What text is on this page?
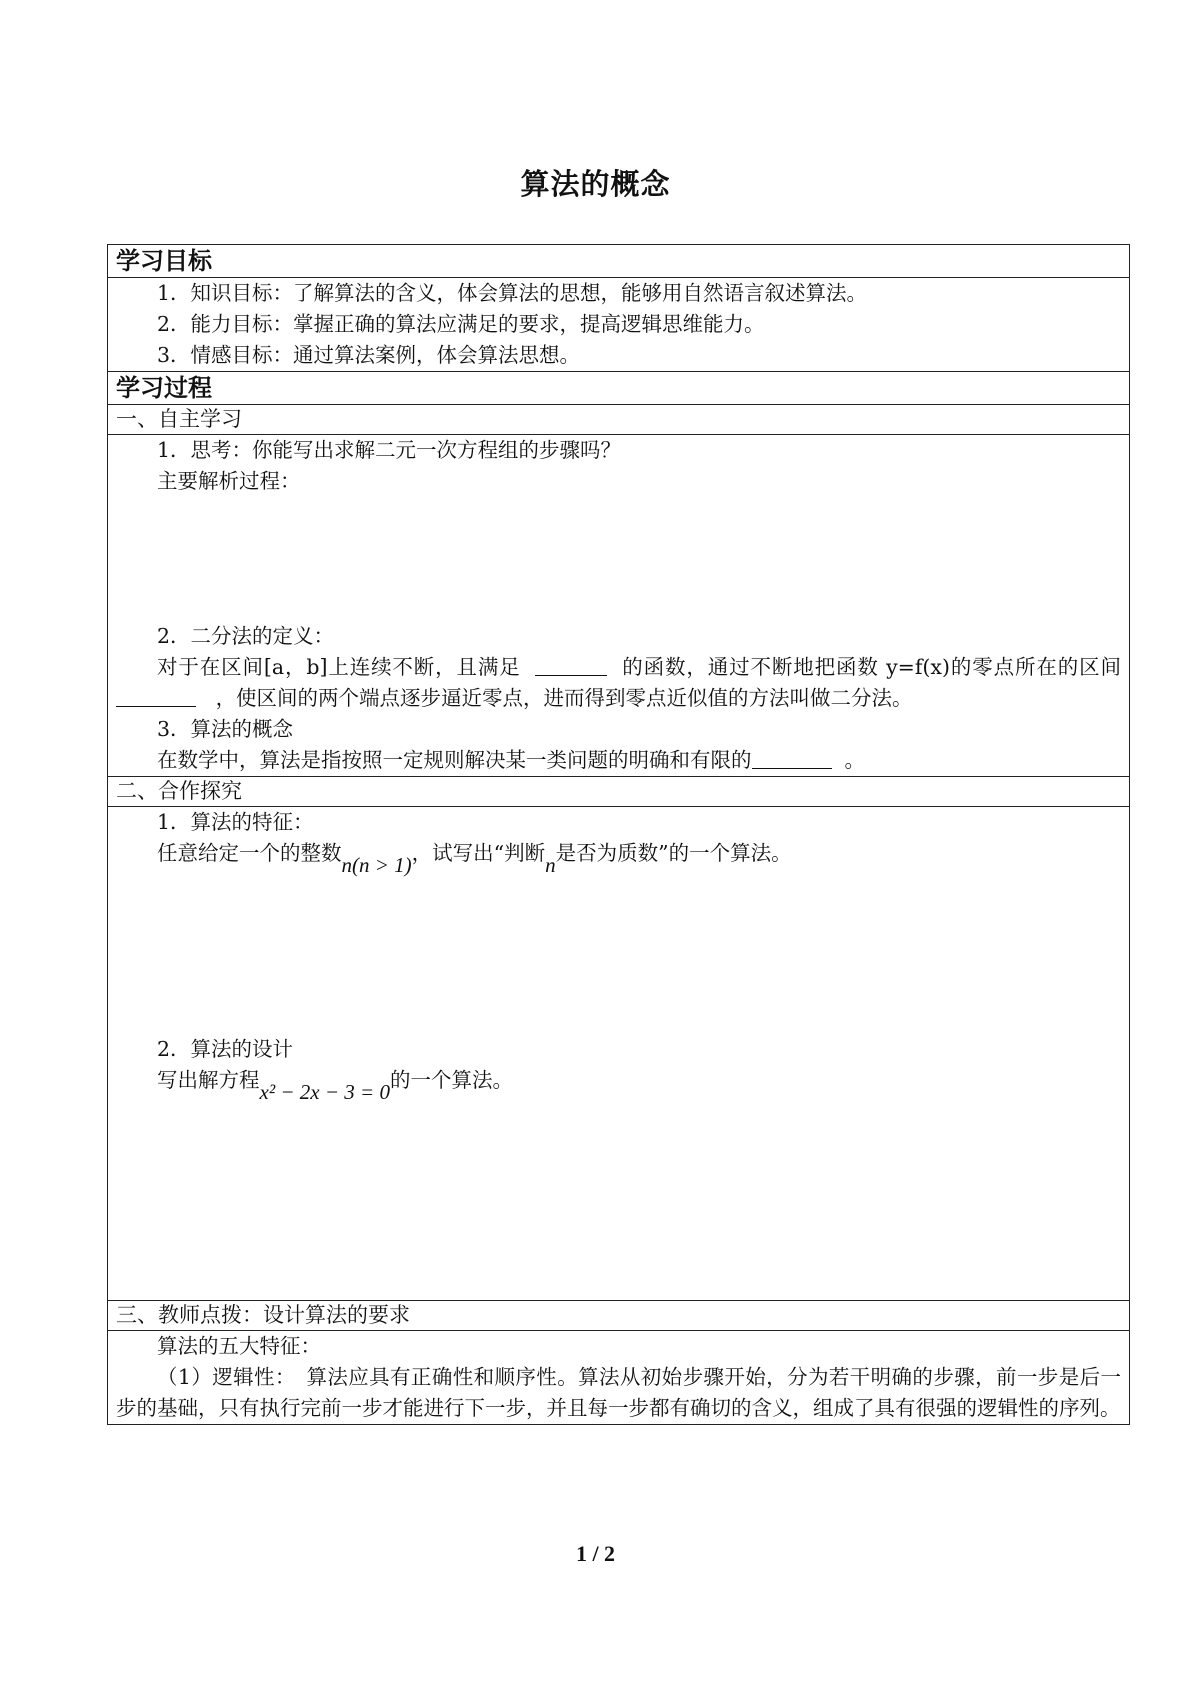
算法的概念
学习目标

1．知识目标：了解算法的含义，体会算法的思想，能够用自然语言叙述算法。

2．能力目标：掌握正确的算法应满足的要求，提高逻辑思维能力。

3．情感目标：通过算法案例，体会算法思想。

学习过程
一、自主学习

1．思考：你能写出求解二元一次方程组的步骤吗？

主要解析过程：

2．二分法的定义：

对于在区间[a，b]上连续不断，且满足	的函数，通过不断地把函数 y=f(x)的零点所在的区间   ，使区间的两个端点逐步逼近零点，进而得到零点近似值的方法叫做二分法。

3．算法的概念

在数学中，算法是指按照一定规则解决某一类问题的明确和有限的	。

二、合作探究

1．算法的特征：

任意给定一个的整数n(n > 1)，试写出“判断n是否为质数”的一个算法。

2．算法的设计

写出解方程x² − 2x − 3 = 0的一个算法。

三、教师点拨：设计算法的要求

算法的五大特征：

（1）逻辑性：　算法应具有正确性和顺序性。算法从初始步骤开始，分为若干明确的步骤，前一步是后一步的基础，只有执行完前一步才能进行下一步，并且每一步都有确切的含义，组成了具有很强的逻辑性的序列。

1 / 2
